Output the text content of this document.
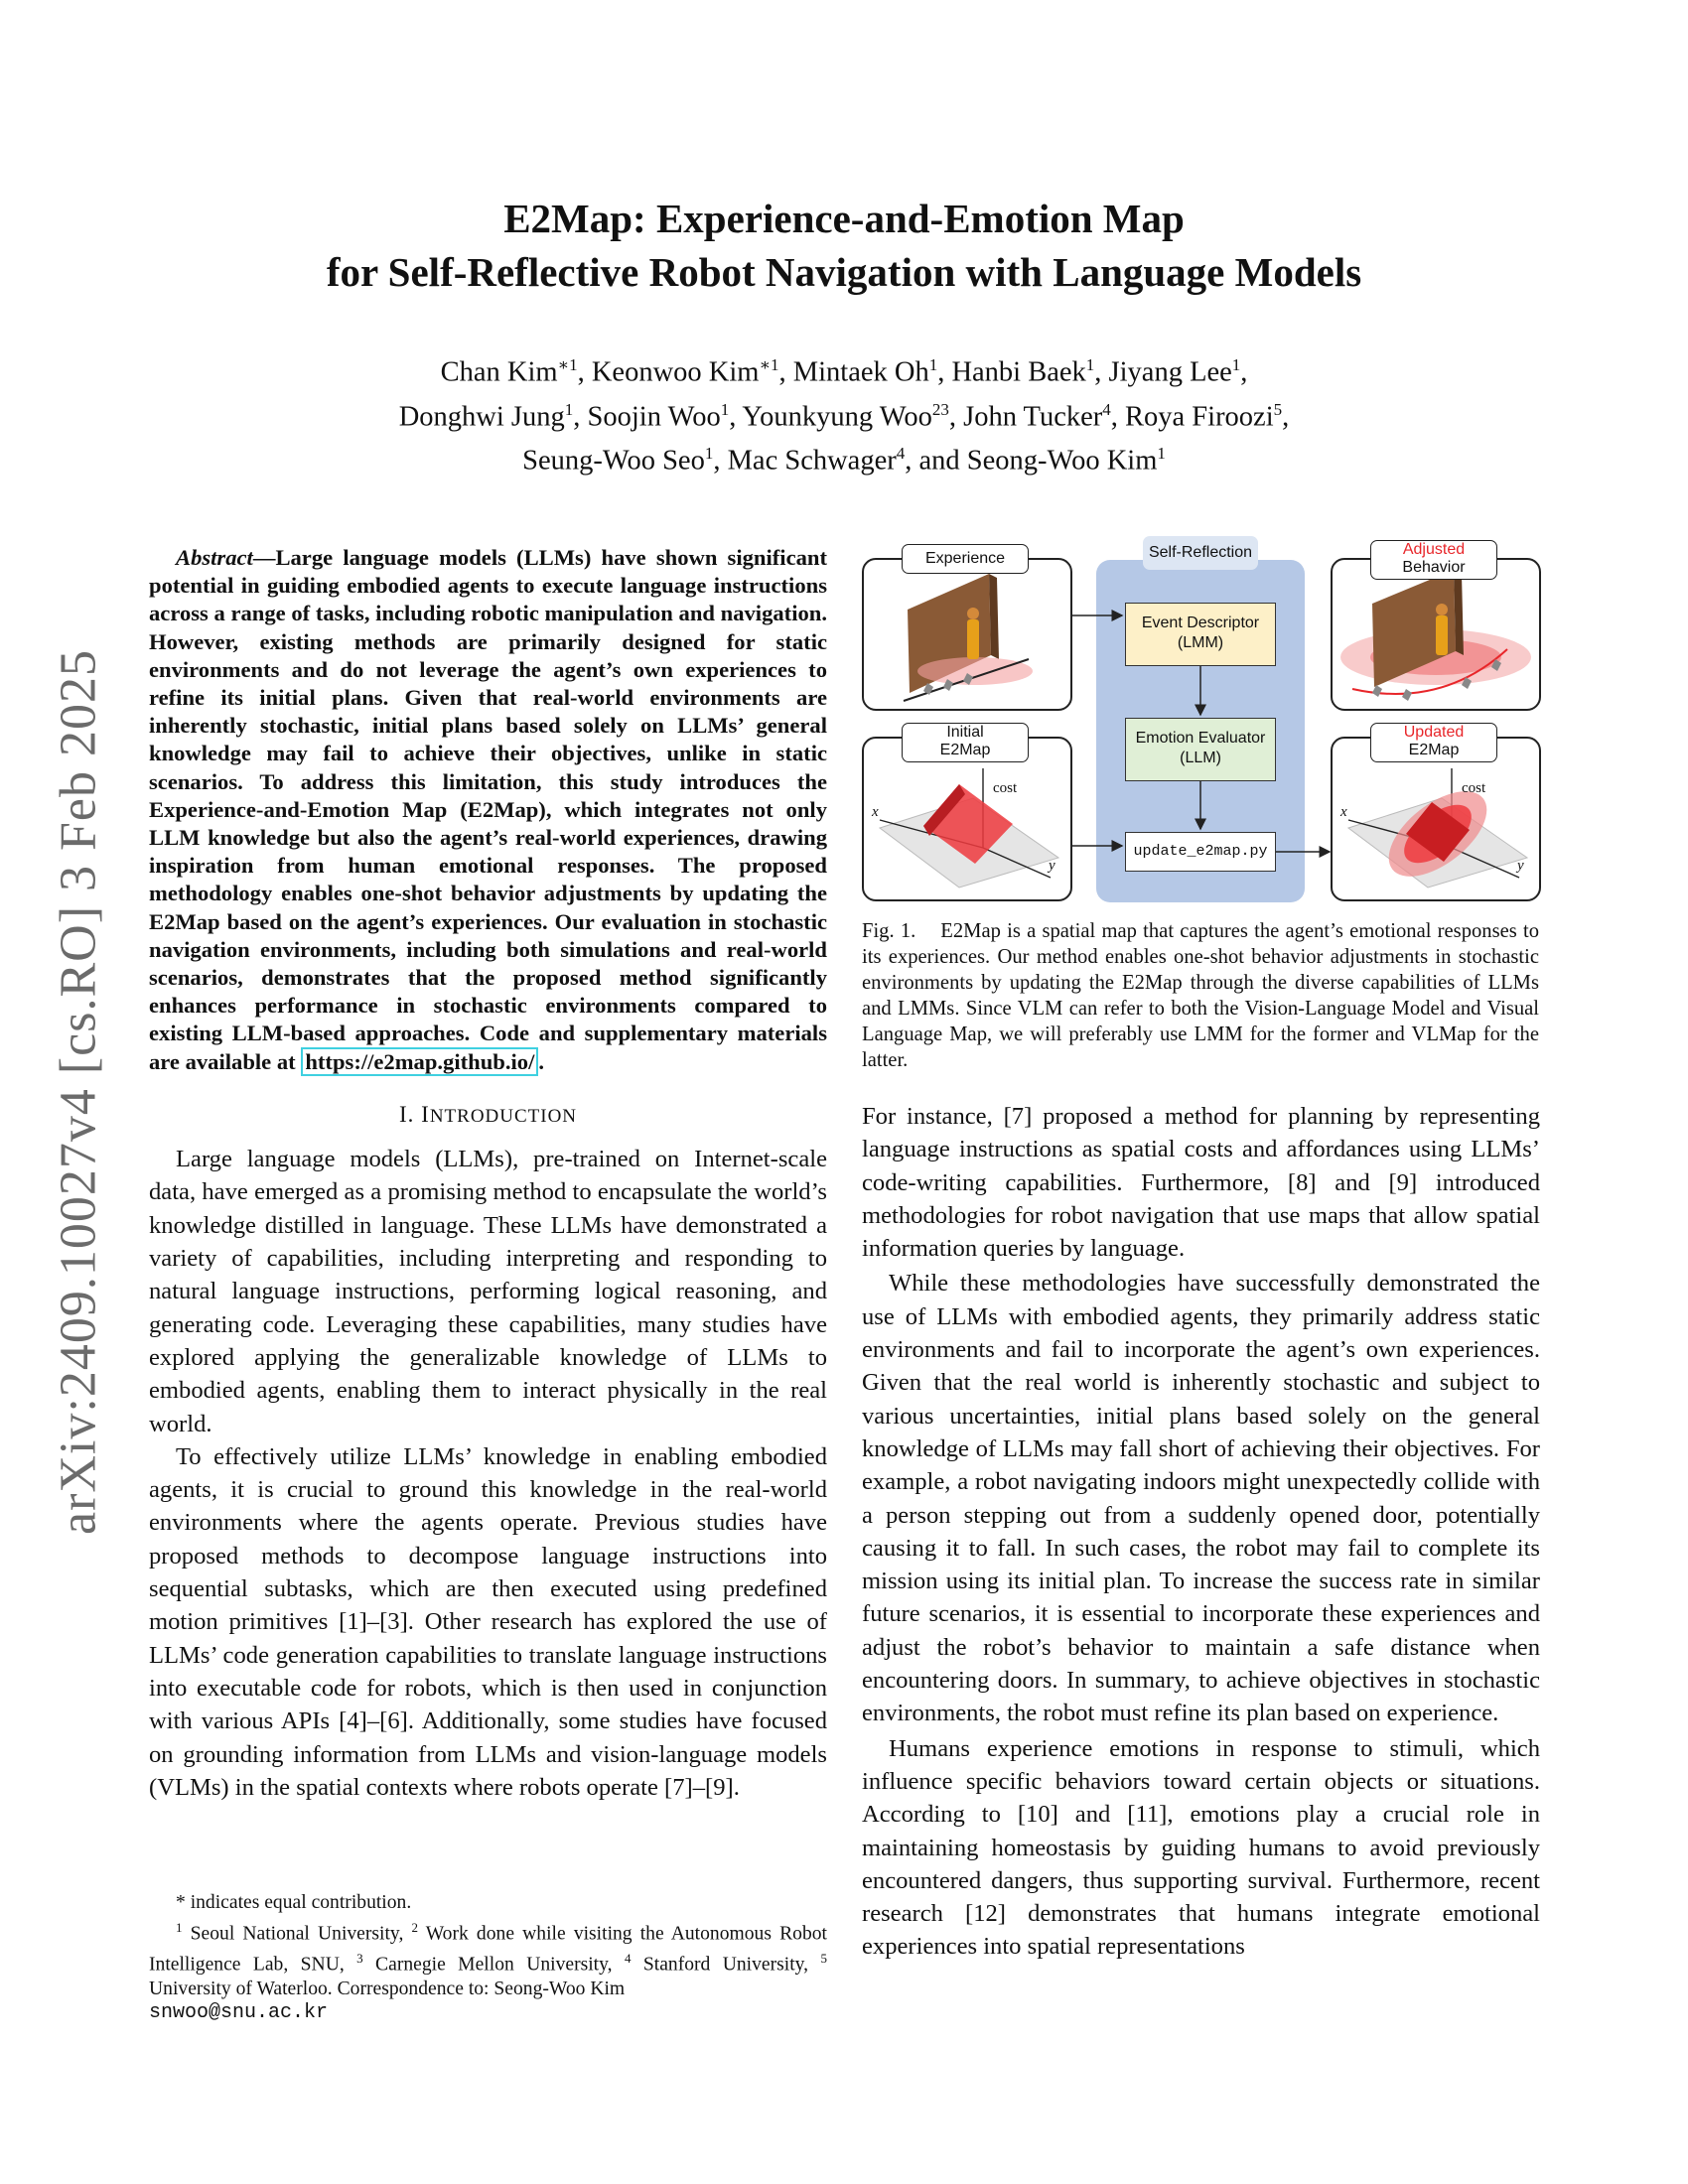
arXiv:2409.10027v4 [cs.RO] 3 Feb 2025
E2Map: Experience-and-Emotion Map
for Self-Reflective Robot Navigation with Language Models
Chan Kim$^{∗1}$, Keonwoo Kim$^{∗1}$, Mintaek Oh$^1$, Hanbi Baek$^1$, Jiyang Lee$^1$,
Donghwi Jung$^1$, Soojin Woo$^1$, Younkyung Woo$^{23}$, John Tucker$^4$, Roya Firoozi$^5$,
Seung-Woo Seo$^1$, Mac Schwager$^4$, and Seong-Woo Kim$^1$

Abstract—Large language models (LLMs) have shown significant potential in guiding embodied agents to execute language instructions across a range of tasks, including robotic manipulation and navigation. However, existing methods are primarily designed for static environments and do not leverage the agent’s own experiences to refine its initial plans. Given that real-world environments are inherently stochastic, initial plans based solely on LLMs’ general knowledge may fail to achieve their objectives, unlike in static scenarios. To address this limitation, this study introduces the Experience-and-Emotion Map (E2Map), which integrates not only LLM knowledge but also the agent’s real-world experiences, drawing inspiration from human emotional responses. The proposed methodology enables one-shot behavior adjustments by updating the E2Map based on the agent’s experiences. Our evaluation in stochastic navigation environments, including both simulations and real-world scenarios, demonstrates that the proposed method significantly enhances performance in stochastic environments compared to existing LLM-based approaches. Code and supplementary materials are available at https://e2map.github.io/ .

I. INTRODUCTION

Large language models (LLMs), pre-trained on Internet-scale data, have emerged as a promising method to encapsulate the world’s knowledge distilled in language. These LLMs have demonstrated a variety of capabilities, including interpreting and responding to natural language instructions, performing logical reasoning, and generating code. Leveraging these capabilities, many studies have explored applying the generalizable knowledge of LLMs to embodied agents, enabling them to interact physically in the real world.

To effectively utilize LLMs’ knowledge in enabling embodied agents, it is crucial to ground this knowledge in the real-world environments where the agents operate. Previous studies have proposed methods to decompose language instructions into sequential subtasks, which are then executed using predefined motion primitives [1]–[3]. Other research has explored the use of LLMs’ code generation capabilities to translate language instructions into executable code for robots, which is then used in conjunction with various APIs [4]–[6]. Additionally, some studies have focused on grounding information from LLMs and vision-language models (VLMs) in the spatial contexts where robots operate [7]–[9].

* indicates equal contribution.
$^1$ Seoul National University, $^2$ Work done while visiting the Autonomous Robot Intelligence Lab, SNU, $^3$ Carnegie Mellon University, $^4$ Stanford University, $^5$ University of Waterloo. Correspondence to: Seong-Woo Kim
snwoo@snu.ac.kr
Self-Reflection
Event Descriptor
(LMM)
Emotion Evaluator
(LLM)
update_e2map.py
Experience
cost
x
y
Initial
E2Map
Adjusted
Behavior
cost
x
y
Updated
E2Map
Fig. 1. E2Map is a spatial map that captures the agent’s emotional responses to its experiences. Our method enables one-shot behavior adjustments in stochastic environments by updating the E2Map through the diverse capabilities of LLMs and LMMs. Since VLM can refer to both the Vision-Language Model and Visual Language Map, we will preferably use LMM for the former and VLMap for the latter.

For instance, [7] proposed a method for planning by representing language instructions as spatial costs and affordances using LLMs’ code-writing capabilities. Furthermore, [8] and [9] introduced methodologies for robot navigation that use maps that allow spatial information queries by language.

While these methodologies have successfully demonstrated the use of LLMs with embodied agents, they primarily address static environments and fail to incorporate the agent’s own experiences. Given that the real world is inherently stochastic and subject to various uncertainties, initial plans based solely on the general knowledge of LLMs may fall short of achieving their objectives. For example, a robot navigating indoors might unexpectedly collide with a person stepping out from a suddenly opened door, potentially causing it to fall. In such cases, the robot may fail to complete its mission using its initial plan. To increase the success rate in similar future scenarios, it is essential to incorporate these experiences and adjust the robot’s behavior to maintain a safe distance when encountering doors. In summary, to achieve objectives in stochastic environments, the robot must refine its plan based on experience.

Humans experience emotions in response to stimuli, which influence specific behaviors toward certain objects or situations. According to [10] and [11], emotions play a crucial role in maintaining homeostasis by guiding humans to avoid previously encountered dangers, thus supporting survival. Furthermore, recent research [12] demonstrates that humans integrate emotional experiences into spatial representations
